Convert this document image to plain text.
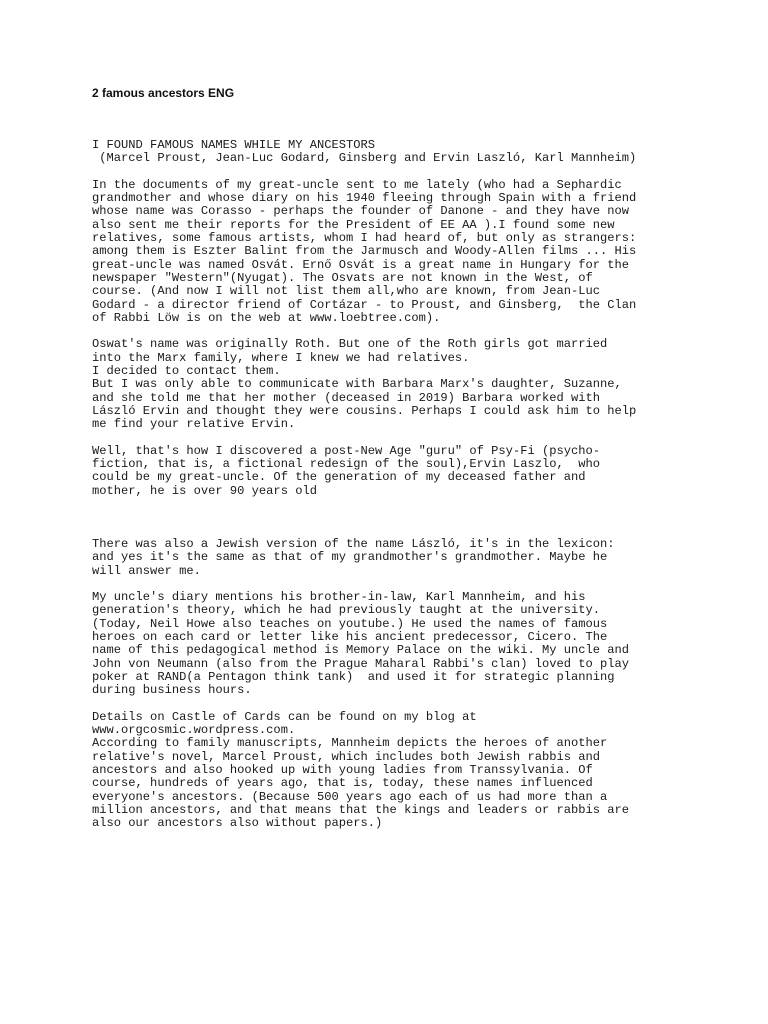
2 famous ancestors ENG
I FOUND FAMOUS NAMES WHILE MY ANCESTORS
(Marcel Proust, Jean-Luc Godard, Ginsberg and Ervin Laszló, Karl Mannheim)
In the documents of my great-uncle sent to me lately (who had a Sephardic
grandmother and whose diary on his 1940 fleeing through Spain with a friend
whose name was Corasso - perhaps the founder of Danone - and they have now
also sent me their reports for the President of EE AA ).I found some new
relatives, some famous artists, whom I had heard of, but only as strangers:
among them is Eszter Balint from the Jarmusch and Woody-Allen films ... His
great-uncle was named Osvát. Ernő Osvát is a great name in Hungary for the
newspaper "Western"(Nyugat). The Osvats are not known in the West, of
course. (And now I will not list them all,who are known, from Jean-Luc
Godard - a director friend of Cortázar - to Proust, and Ginsberg,  the Clan
of Rabbi Löw is on the web at www.loebtree.com).
Oswat's name was originally Roth. But one of the Roth girls got married
into the Marx family, where I knew we had relatives.
I decided to contact them.
But I was only able to communicate with Barbara Marx's daughter, Suzanne,
and she told me that her mother (deceased in 2019) Barbara worked with
László Ervin and thought they were cousins. Perhaps I could ask him to help
me find your relative Ervin.
Well, that's how I discovered a post-New Age "guru" of Psy-Fi (psycho-
fiction, that is, a fictional redesign of the soul),Ervin Laszlo,  who
could be my great-uncle. Of the generation of my deceased father and
mother, he is over 90 years old
There was also a Jewish version of the name László, it's in the lexicon:
and yes it's the same as that of my grandmother's grandmother. Maybe he
will answer me.
My uncle's diary mentions his brother-in-law, Karl Mannheim, and his
generation's theory, which he had previously taught at the university.
(Today, Neil Howe also teaches on youtube.) He used the names of famous
heroes on each card or letter like his ancient predecessor, Cicero. The
name of this pedagogical method is Memory Palace on the wiki. My uncle and
John von Neumann (also from the Prague Maharal Rabbi's clan) loved to play
poker at RAND(a Pentagon think tank)  and used it for strategic planning
during business hours.
Details on Castle of Cards can be found on my blog at
www.orgcosmic.wordpress.com.
According to family manuscripts, Mannheim depicts the heroes of another
relative's novel, Marcel Proust, which includes both Jewish rabbis and
ancestors and also hooked up with young ladies from Transsylvania. Of
course, hundreds of years ago, that is, today, these names influenced
everyone's ancestors. (Because 500 years ago each of us had more than a
million ancestors, and that means that the kings and leaders or rabbis are
also our ancestors also without papers.)
